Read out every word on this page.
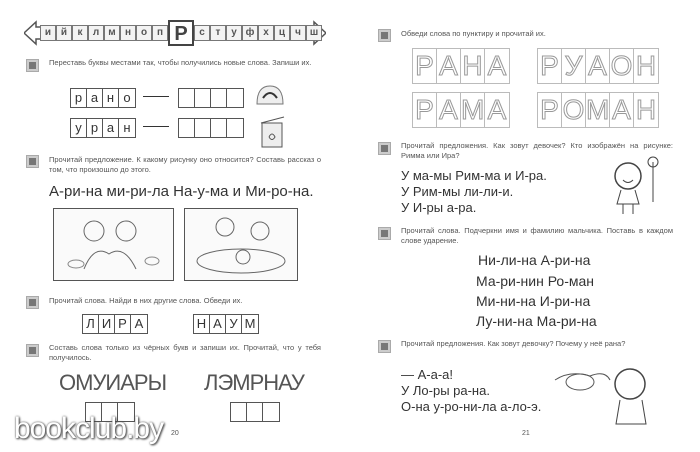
и й	к	л м н о п Р	с	т	у ф х	ц	ч ш
Переставь буквы местами так, чтобы получились новые слова. Запиши их.
р а н о
у р а н
Прочитай предложение. К какому рисунку оно относится? Составь рассказ о том, что произошло до этого.
А-ри-на ми-ри-ла На-у-ма и Ми-ро-на.
Прочитай слова. Найди в них другие слова. Обведи их.
Л И Р А	Н А У М
Составь слова только из чёрных букв и запиши их. Прочитай, что у тебя получилось.
ОМУИАРЫ ЛЭМРНАУ
20
bookclub.by
Обведи слова по пунктиру и прочитай их.
Р А Н А Р У А О Н
Р А М А Р О М А Н
Прочитай предложения. Как зовут девочек? Кто изображён на рисунке: Римма или Ира?
У ма-мы Рим-ма и И-ра.
У Рим-мы ли-ли-и.
У И-ры а-ра.
Прочитай слова. Подчеркни имя и фамилию мальчика. Поставь в каждом слове ударение.
Ни-ли-на А-ри-на
Ма-ри-нин Ро-ман
Ми-ни-на И-ри-на
Лу-ни-на Ма-ри-на
Прочитай предложения. Как зовут девочку? Почему у неё рана?
— А-а-а!
У Ло-ры ра-на.
О-на у-ро-ни-ла а-ло-э.
21
